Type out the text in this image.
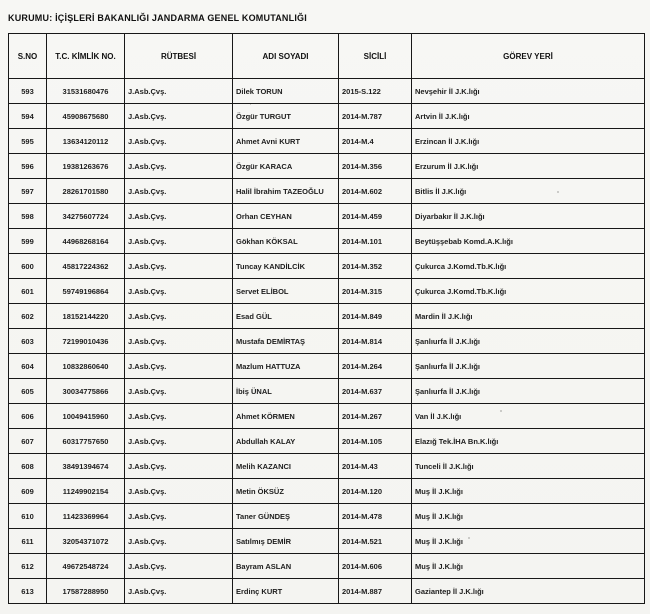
KURUMU: İÇİŞLERİ BAKANLIĞI JANDARMA GENEL KOMUTANLIĞI
S.NO	T.C. KİMLİK NO.	RÜTBESİ	ADI SOYADI	SİCİLİ	GÖREV YERİ
593	31531680476	J.Asb.Çvş.	Dilek TORUN	2015-S.122	Nevşehir İl J.K.lığı
594	45908675680	J.Asb.Çvş.	Özgür TURGUT	2014-M.787	Artvin İl J.K.lığı
595	13634120112	J.Asb.Çvş.	Ahmet Avni KURT	2014-M.4	Erzincan İl J.K.lığı
596	19381263676	J.Asb.Çvş.	Özgür KARACA	2014-M.356	Erzurum İl J.K.lığı
597	28261701580	J.Asb.Çvş.	Halil İbrahim TAZEOĞLU	2014-M.602	Bitlis İl J.K.lığı
598	34275607724	J.Asb.Çvş.	Orhan CEYHAN	2014-M.459	Diyarbakır İl J.K.lığı
599	44968268164	J.Asb.Çvş.	Gökhan KÖKSAL	2014-M.101	Beytüşşebab Komd.A.K.lığı
600	45817224362	J.Asb.Çvş.	Tuncay KANDİLCİK	2014-M.352	Çukurca J.Komd.Tb.K.lığı
601	59749196864	J.Asb.Çvş.	Servet ELİBOL	2014-M.315	Çukurca J.Komd.Tb.K.lığı
602	18152144220	J.Asb.Çvş.	Esad GÜL	2014-M.849	Mardin İl J.K.lığı
603	72199010436	J.Asb.Çvş.	Mustafa DEMİRTAŞ	2014-M.814	Şanlıurfa İl J.K.lığı
604	10832860640	J.Asb.Çvş.	Mazlum HATTUZA	2014-M.264	Şanlıurfa İl J.K.lığı
605	30034775866	J.Asb.Çvş.	İbiş ÜNAL	2014-M.637	Şanlıurfa İl J.K.lığı
606	10049415960	J.Asb.Çvş.	Ahmet KÖRMEN	2014-M.267	Van İl J.K.lığı
607	60317757650	J.Asb.Çvş.	Abdullah KALAY	2014-M.105	Elazığ Tek.İHA Bn.K.lığı
608	38491394674	J.Asb.Çvş.	Melih KAZANCI	2014-M.43	Tunceli İl J.K.lığı
609	11249902154	J.Asb.Çvş.	Metin ÖKSÜZ	2014-M.120	Muş İl J.K.lığı
610	11423369964	J.Asb.Çvş.	Taner GÜNDEŞ	2014-M.478	Muş İl J.K.lığı
611	32054371072	J.Asb.Çvş.	Satılmış DEMİR	2014-M.521	Muş İl J.K.lığı
612	49672548724	J.Asb.Çvş.	Bayram ASLAN	2014-M.606	Muş İl J.K.lığı
613	17587288950	J.Asb.Çvş.	Erdinç KURT	2014-M.887	Gaziantep İl J.K.lığı
